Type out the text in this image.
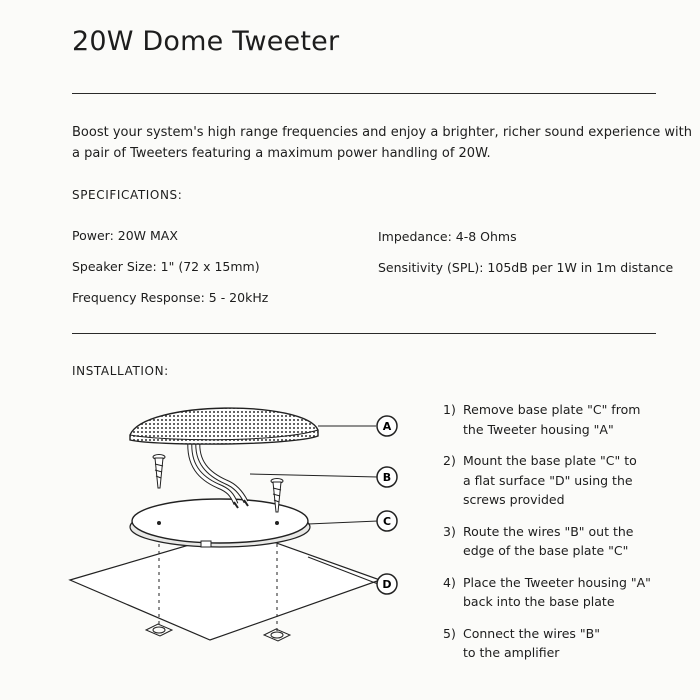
20W Dome Tweeter
Boost your system's high range frequencies and enjoy a brighter, richer sound experience with
a pair of Tweeters featuring a maximum power handling of 20W.
SPECIFICATIONS:
Power: 20W MAX
Speaker Size: 1" (72 x 15mm)
Frequency Response: 5 - 20kHz
Impedance: 4-8 Ohms
Sensitivity (SPL): 105dB per 1W in 1m distance
INSTALLATION:
A
B
C
D
1) Remove base plate "C" from
the Tweeter housing "A"
2) Mount the base plate "C" to
a flat surface "D" using the
screws provided
3) Route the wires "B" out the
edge of the base plate "C"
4) Place the Tweeter housing "A"
back into the base plate
5) Connect the wires "B"
to the amplifier
